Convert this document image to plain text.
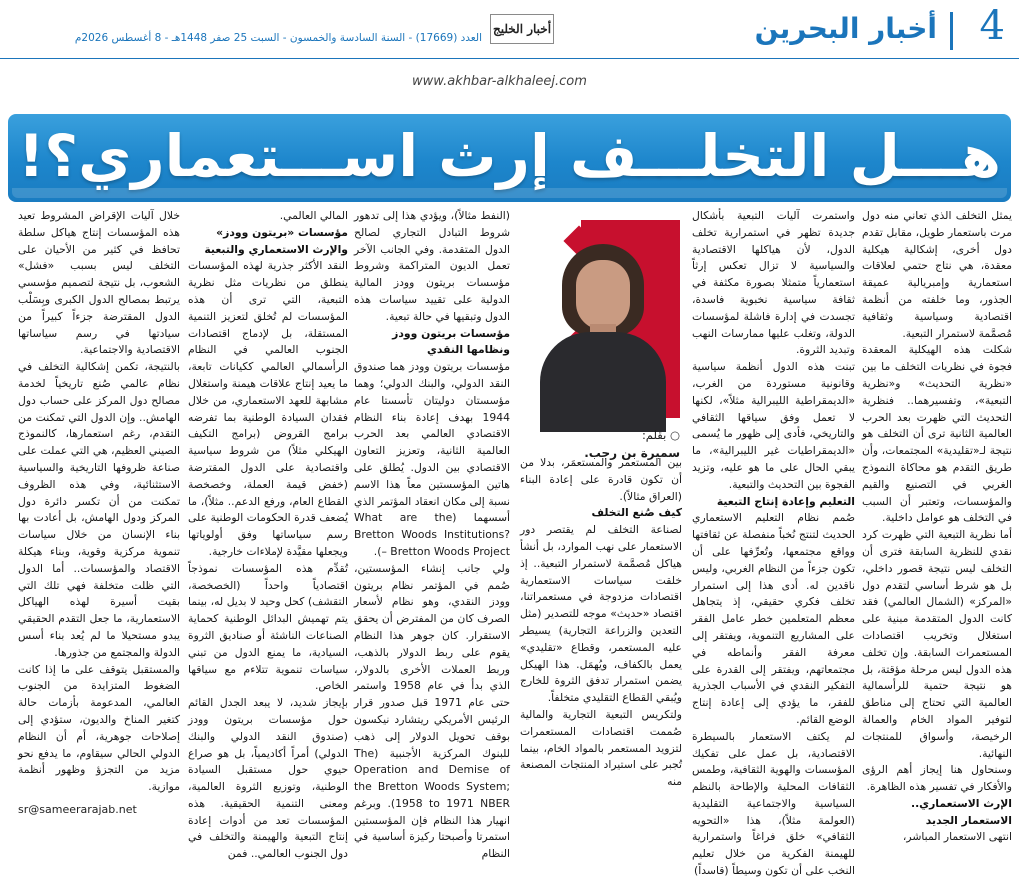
4
أخبار البحرين
أخبار الخليج
العدد (17669) - السنة السادسة والخمسون - السبت 25 صفر 1448هـ - 8 أغسطس 2026م
www.akhbar-alkhaleej.com
هـــل التخلـــف إرث اســـتعماري؟!
○ بقلم:
سميرة بن رجب.

يمثل التخلف الذي تعاني منه دول مرت باستعمار طويل، مقابل تقدم دول أخرى، إشكالية هيكلية معقدة، هي نتاج حتمي لعلاقات استعمارية وإمبريالية عميقة الجذور، وما خلفته من أنظمة اقتصادية وسياسية وثقافية مُصمَّمة لاستمرار التبعية.

شكلت هذه الهيكلية المعقدة فجوة في نظريات التخلف ما بين «نظرية التحديث» و«نظرية التبعية»، وتفسيرهما.. فنظرية التحديث التي ظهرت بعد الحرب العالمية الثانية ترى أن التخلف هو نتيجة لـ«تقليدية» المجتمعات، وأن طريق التقدم هو محاكاة النموذج الغربي في التصنيع والقيم والمؤسسات، وتعتبر أن السبب في التخلف هو عوامل داخلية.

أما نظرية التبعية التي ظهرت كرد نقدي للنظرية السابقة فترى أن التخلف ليس نتيجة قصور داخلي، بل هو شرط أساسي لتقدم دول «المركز» (الشمال العالمي) فقد كانت الدول المتقدمة مبنية على استغلال وتخريب اقتصادات المستعمرات السابقة. وإن تخلف هذه الدول ليس مرحلة مؤقتة، بل هو نتيجة حتمية للرأسمالية العالمية التي تحتاج إلى مناطق لتوفير المواد الخام والعمالة الرخيصة، وأسواق للمنتجات النهائية.

وسنحاول هنا إيجاز أهم الرؤى والأفكار في تفسير هذه الظاهرة.

الإرث الاستعماري..

الاستعمار الجديد

انتهى الاستعمار المباشر،

واستمرت آليات التبعية بأشكال جديدة تظهر في استمرارية تخلف الدول، لأن هياكلها الاقتصادية والسياسية لا تزال تعكس إرثاً استعمارياً متمثلا بصورة مكثفة في ثقافة سياسية نخبوية فاسدة، تجسدت في إدارة فاشلة لمؤسسات الدولة، وتغلب عليها ممارسات النهب وتبديد الثروة.

تبنت هذه الدول أنظمة سياسية وقانونية مستوردة من الغرب، «الديمقراطية الليبرالية مثلاً»، لكنها لا تعمل وفق سياقها الثقافي والتاريخي، فأدى إلى ظهور ما يُسمى «الديمقراطيات غير الليبرالية»، ما يبقي الحال على ما هو عليه، وتزيد الفجوة بين التحديث والتبعية.

التعليم وإعادة إنتاج التبعية

صُمم نظام التعليم الاستعماري الحديث لتنتج نُخباً منفصلة عن ثقافتها وواقع مجتمعها، وتُعرِّفها على أن تكون جزءاً من النظام الغربي، وليس ناقدين له. أدى هذا إلى استمرار تخلف فكري حقيقي، إذ يتجاهل معظم المتعلمين خطر عامل الفقر على المشاريع التنموية، ويفتقر إلى معرفة الفقر وأنماطه في مجتمعاتهم، ويفتقر إلى القدرة على التفكير النقدي في الأسباب الجذرية للفقر، ما يؤدي إلى إعادة إنتاج الوضع القائم.

لم يكتف الاستعمار بالسيطرة الاقتصادية، بل عمل على تفكيك المؤسسات والهوية الثقافية، وطمس الثقافات المحلية والإطاحة بالنظم السياسية والاجتماعية التقليدية (العولمة مثلاً)، هذا «التحويه الثقافي» خلق فراغاً واستمرارية للهيمنة الفكرية من خلال تعليم النخب على أن تكون وسيطاً (قاسداً)

بين المستعمر والمستعمَر، بدلا من أن تكون قادرة على إعادة البناء (العراق مثالاً).

كيف صُنع التخلف

لصناعة التخلف لم يقتصر دور الاستعمار على نهب الموارد، بل أنشأ هياكل مُصمَّمة لاستمرار التبعية.. إذ خلقت سياسات الاستعمارية اقتصادات مزدوجة في مستعمراتنا، اقتصاد «حديث» موجه للتصدير (مثل التعدين والزراعة التجارية) يسيطر عليه المستعمر، وقطاع «تقليدي» يعمل بالكفاف، ويُهمَل. هذا الهيكل يضمن استمرار تدفق الثروة للخارج ويُبقي القطاع التقليدي متخلفاً.

ولتكريس التبعية التجارية والمالية صُممت اقتصادات المستعمرات لتزويد المستعمر بالمواد الخام، بينما تُجبر على استيراد المنتجات المصنعة منه

(النفط مثالاً)، ويؤدي هذا إلى تدهور شروط التبادل التجاري لصالح الدول المتقدمة. وفي الجانب الآخر تعمل الديون المتراكمة وشروط مؤسسات بريتون وودز المالية الدولية على تقييد سياسات هذه الدول وتبقيها في حالة تبعية.

مؤسسات بريتون وودز

ونظامها النقدي

مؤسسات بريتون وودز هما صندوق النقد الدولي، والبنك الدولي؛ وهما مؤسستان دوليتان تأسستا عام 1944 بهدف إعادة بناء النظام الاقتصادي العالمي بعد الحرب العالمية الثانية، وتعزيز التعاون الاقتصادي بين الدول. يُطلق على هاتين المؤسستين معاً هذا الاسم نسبة إلى مكان انعقاد المؤتمر الذي أسسهما (What are the Bretton Woods Institutions? – Bretton Woods Project).

ولي جانب إنشاء المؤسستين، صُمم في المؤتمر نظام بريتون وودز النقدي، وهو نظام لأسعار الصرف كان من المفترض أن يحقق الاستقرار. كان جوهر هذا النظام يقوم على ربط الدولار بالذهب، وربط العملات الأخرى بالدولار، الذي بدأ في عام 1958 واستمر حتى عام 1971 قبل صدور قرار الرئيس الأمريكي ريتشارد نيكسون بوقف تحويل الدولار إلى ذهب للبنوك المركزية الأجنبية (The Operation and Demise of the Bretton Woods System; 1958 to 1971 NBER). وبرغم انهيار هذا النظام فإن المؤسستين استمرتا وأصبحتا ركيزة أساسية في النظام

المالي العالمي.

مؤسسات «بريتون وودز» والإرث الاستعماري والتبعية

النقد الأكثر جذرية لهذه المؤسسات ينطلق من نظريات مثل نظرية التبعية، التي ترى أن هذه المؤسسات لم تُخلق لتعزيز التنمية المستقلة، بل لإدماج اقتصادات الجنوب العالمي في النظام الرأسمالي العالمي ككيانات تابعة، ما يعيد إنتاج علاقات هيمنة واستغلال مشابهة للعهد الاستعماري، من خلال فقدان السيادة الوطنية بما تفرضه برامج القروض (برامج التكيف الهيكلي مثلاً) من شروط سياسية واقتصادية على الدول المقترضة (خفض قيمة العملة، وخصخصة القطاع العام، ورفع الدعم.. مثلاً)، ما يُضعف قدرة الحكومات الوطنية على رسم سياساتها وفق أولوياتها ويجعلها مقيَّدة لإملاءات خارجية.

تُقدِّم هذه المؤسسات نموذجاً اقتصادياً واحداً (الخصخصة، التقشف) كحل وحيد لا بديل له، بينما يتم تهميش البدائل الوطنية كحماية الصناعات الناشئة أو صناديق الثروة السيادية، ما يمنع الدول من تبني سياسات تنموية تتلاءم مع سياقها الخاص.

بإيجاز شديد، لا يبعد الجدل القائم حول مؤسسات بريتون وودز (صندوق النقد الدولي والبنك الدولي) أمراً أكاديمياً، بل هو صراع حيوي حول مستقبل السيادة الوطنية، وتوزيع الثروة العالمية، ومعنى التنمية الحقيقية. هذه المؤسسات تعد من أدوات إعادة إنتاج التبعية والهيمنة والتخلف في دول الجنوب العالمي.. فمن

خلال آليات الإقراض المشروط تعيد هذه المؤسسات إنتاج هياكل سلطة تحافظ في كثير من الأحيان على التخلف ليس بسبب «فشل» الشعوب، بل نتيجة لتصميم مؤسسي يرتبط بمصالح الدول الكبرى وبِسَلْب الدول المقترضة جزءاً كبيراً من سيادتها في رسم سياساتها الاقتصادية والاجتماعية.

بالنتيجة، تكمن إشكالية التخلف في نظام عالمي صُنع تاريخياً لخدمة مصالح دول المركز على حساب دول الهامش.. وإن الدول التي تمكنت من التقدم، رغم استعمارها، كالنموذج الصيني العظيم، هي التي عملت على صناعة ظروفها التاريخية والسياسية الاستثنائية، وفي هذه الظروف تمكنت من أن تكسر دائرة دول المركز ودول الهامش، بل أعادت بها بناء الإنسان من خلال سياسات تنموية مركزية وقوية، وبناء هيكلة الاقتصاد والمؤسسات.. أما الدول التي ظلت متخلفة فهي تلك التي بقيت أسيرة لهذه الهياكل الاستعمارية، ما جعل التقدم الحقيقي يبدو مستحيلا ما لم يُعد بناء أسس الدولة والمجتمع من جذورها.

والمستقبل يتوقف على ما إذا كانت الضغوط المتزايدة من الجنوب العالمي، المدعومة بأزمات حالة كتغير المناخ والديون، ستؤدي إلى إصلاحات جوهرية، أم أن النظام الدولي الحالي سيقاوم، ما يدفع نحو مزيد من التجزؤ وظهور أنظمة موازية.

sr@sameerarajab.net
